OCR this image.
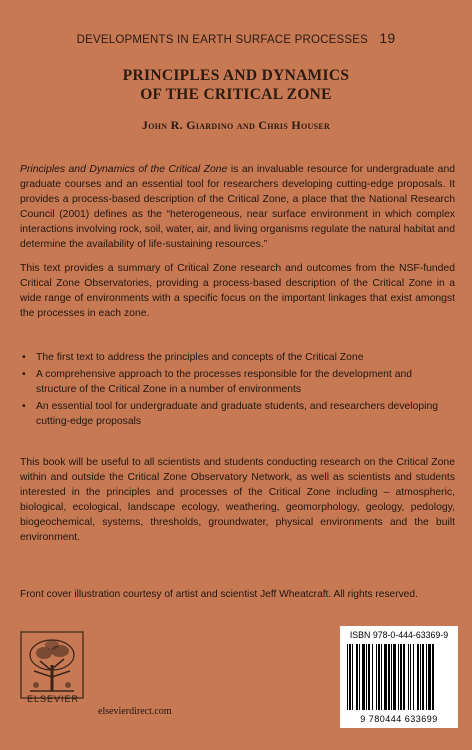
DEVELOPMENTS IN EARTH SURFACE PROCESSES 19
PRINCIPLES AND DYNAMICS
OF THE CRITICAL ZONE
John R. Giardino and Chris Houser
Principles and Dynamics of the Critical Zone is an invaluable resource for undergraduate and graduate courses and an essential tool for researchers developing cutting-edge proposals. It provides a process-based description of the Critical Zone, a place that the National Research Council (2001) defines as the “heterogeneous, near surface environment in which complex interactions involving rock, soil, water, air, and living organisms regulate the natural habitat and determine the availability of life-sustaining resources.”
This text provides a summary of Critical Zone research and outcomes from the NSF-funded Critical Zone Observatories, providing a process-based description of the Critical Zone in a wide range of environments with a specific focus on the important linkages that exist amongst the processes in each zone.
• The first text to address the principles and concepts of the Critical Zone
• A comprehensive approach to the processes responsible for the development and structure of the Critical Zone in a number of environments
• An essential tool for undergraduate and graduate students, and researchers developing cutting-edge proposals
This book will be useful to all scientists and students conducting research on the Critical Zone within and outside the Critical Zone Observatory Network, as well as scientists and students interested in the principles and processes of the Critical Zone including – atmospheric, biological, ecological, landscape ecology, weathering, geomorphology, geology, pedology, biogeochemical, systems, thresholds, groundwater, physical environments and the built environment.
Front cover illustration courtesy of artist and scientist Jeff Wheatcraft. All rights reserved.
ELSEVIER
elsevierdirect.com
ISBN 978-0-444-63369-9
9 780444 633699
